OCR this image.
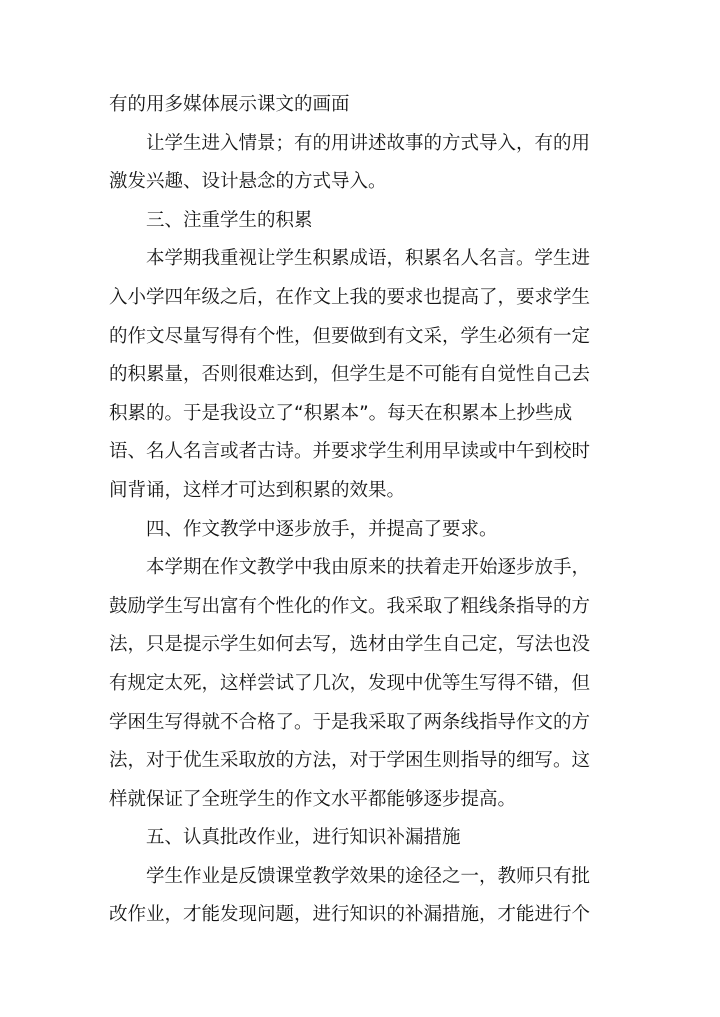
有的用多媒体展示课文的画面
让学生进入情景；有的用讲述故事的方式导入，有的用
激发兴趣、设计悬念的方式导入。
三、注重学生的积累
本学期我重视让学生积累成语，积累名人名言。学生进
入小学四年级之后，在作文上我的要求也提高了，要求学生
的作文尽量写得有个性，但要做到有文采，学生必须有一定
的积累量，否则很难达到，但学生是不可能有自觉性自己去
积累的。于是我设立了“积累本”。每天在积累本上抄些成
语、名人名言或者古诗。并要求学生利用早读或中午到校时
间背诵，这样才可达到积累的效果。
四、作文教学中逐步放手，并提高了要求。
本学期在作文教学中我由原来的扶着走开始逐步放手，
鼓励学生写出富有个性化的作文。我采取了粗线条指导的方
法，只是提示学生如何去写，选材由学生自己定，写法也没
有规定太死，这样尝试了几次，发现中优等生写得不错，但
学困生写得就不合格了。于是我采取了两条线指导作文的方
法，对于优生采取放的方法，对于学困生则指导的细写。这
样就保证了全班学生的作文水平都能够逐步提高。
五、认真批改作业，进行知识补漏措施
学生作业是反馈课堂教学效果的途径之一，教师只有批
改作业，才能发现问题，进行知识的补漏措施，才能进行个
